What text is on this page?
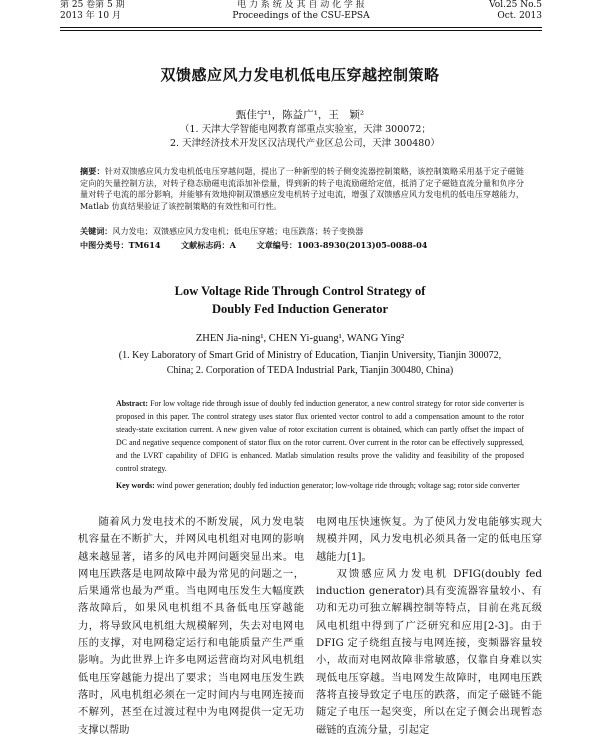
第 25 卷第 5 期
2013 年 10 月
电 力 系 统 及 其 自 动 化 学 报
Proceedings of the CSU-EPSA
Vol.25 No.5
Oct. 2013
双馈感应风力发电机低电压穿越控制策略
甄佳宁¹，陈益广¹，王　颖²
（1. 天津大学智能电网教育部重点实验室，天津 300072；
2. 天津经济技术开发区汉沽现代产业区总公司，天津 300480）
摘要：针对双馈感应风力发电机低电压穿越问题，提出了一种新型的转子侧变流器控制策略，该控制策略采用基于定子磁链定向的矢量控制方法，对转子稳态励磁电流添加补偿量，得到新的转子电流励磁给定值，抵消了定子磁链直流分量和负序分量对转子电流的部分影响，并能够有效地抑制双馈感应发电机转子过电流，增强了双馈感应风力发电机的低电压穿越能力，Matlab 仿真结果验证了该控制策略的有效性和可行性。
关键词：风力发电；双馈感应风力发电机；低电压穿越；电压跌落；转子变换器
中图分类号：TM614	文献标志码：A	文章编号：1003-8930(2013)05-0088-04
Low Voltage Ride Through Control Strategy of
Doubly Fed Induction Generator
ZHEN Jia-ning¹, CHEN Yi-guang¹, WANG Ying²
(1. Key Laboratory of Smart Grid of Ministry of Education, Tianjin University, Tianjin 300072,
China; 2. Corporation of TEDA Industrial Park, Tianjin 300480, China)
Abstract: For low voltage ride through issue of doubly fed induction generator, a new control strategy for rotor side converter is proposed in this paper. The control strategy uses stator flux oriented vector control to add a compensation amount to the rotor steady-state excitation current. A new given value of rotor excitation current is obtained, which can partly offset the impact of DC and negative sequence component of stator flux on the rotor current. Over current in the rotor can be effectively suppressed, and the LVRT capability of DFIG is enhanced. Matlab simulation results prove the validity and feasibility of the proposed control strategy.
Key words: wind power generation; doubly fed induction generator; low-voltage ride through; voltage sag; rotor side converter

随着风力发电技术的不断发展，风力发电装机容量在不断扩大，并网风电机组对电网的影响越来越显著，诸多的风电并网问题突显出来。电网电压跌落是电网故障中最为常见的问题之一，后果通常也最为严重。当电网电压发生大幅度跌落故障后，如果风电机组不具备低电压穿越能力，将导致风电机组大规模解列，失去对电网电压的支撑，对电网稳定运行和电能质量产生严重影响。为此世界上许多电网运营商均对风电机组低电压穿越能力提出了要求；当电网电压发生跌落时，风电机组必须在一定时间内与电网连接而不解列，甚至在过渡过程中为电网提供一定无功支撑以帮助

电网电压快速恢复。为了使风力发电能够实现大规模并网，风力发电机必须具备一定的低电压穿越能力[1]。

双馈感应风力发电机 DFIG(doubly fed induction generator)具有变流器容量较小、有功和无功可独立解耦控制等特点，目前在兆瓦级风电机组中得到了广泛研究和应用[2-3]。由于 DFIG 定子绕组直接与电网连接，变频器容量较小，故而对电网故障非常敏感，仅靠自身难以实现低电压穿越。当电网发生故障时，电网电压跌落将直接导致定子电压的跌落，而定子磁链不能随定子电压一起突变，所以在定子侧会出现暂态磁链的直流分量，引起定
